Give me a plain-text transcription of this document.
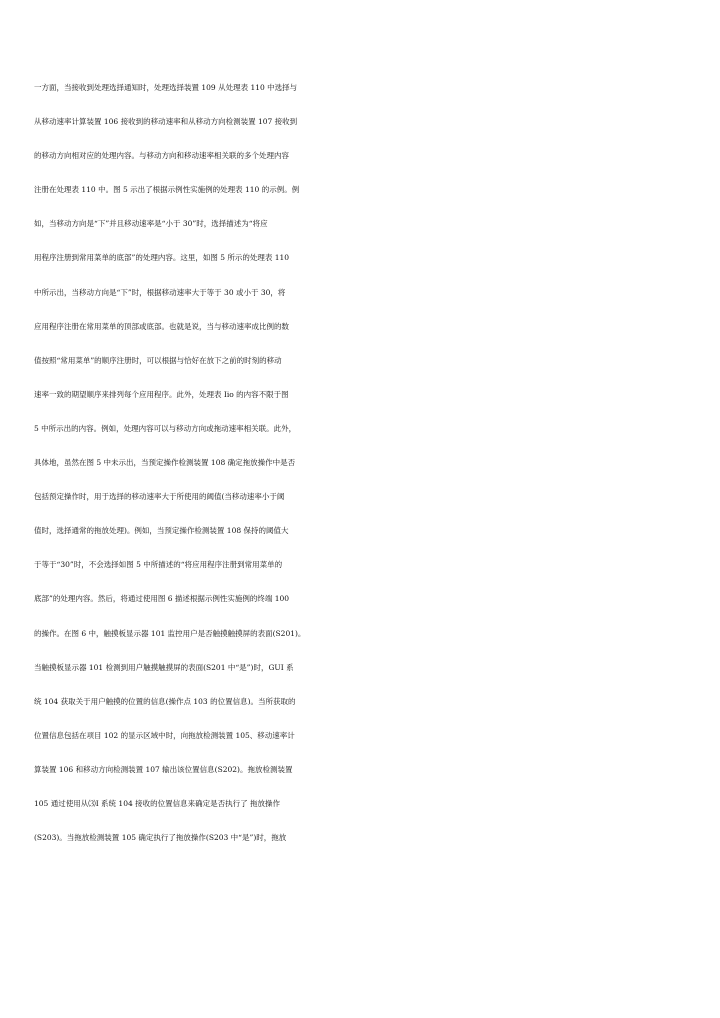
一方面，当接收到处理选择通知时，处理选择装置 109 从处理表 110 中选择与
从移动速率计算装置 106 接收到的移动速率和从移动方向检测装置 107 接收到
的移动方向相对应的处理内容。与移动方向和移动速率相关联的多个处理内容
注册在处理表 110 中。图 5 示出了根据示例性实施例的处理表 110 的示例。例
如，当移动方向是“下”并且移动速率是“小于 30”时，选择描述为“将应
用程序注册到常用菜单的底部”的处理内容。这里，如图 5 所示的处理表 110
中所示出，当移动方向是“下”时，根据移动速率大于等于 30 或小于 30，将
应用程序注册在常用菜单的顶部或底部。也就是说，当与移动速率成比例的数
值按照“常用菜单”的顺序注册时，可以根据与恰好在放下之前的时刻的移动
速率一致的期望顺序来排列每个应用程序。此外，处理表 Iio 的内容不限于图
5 中所示出的内容。例如，处理内容可以与移动方向或拖动速率相关联。此外，
具体地，虽然在图 5 中未示出，当预定操作检测装置 108 确定拖放操作中是否
包括预定操作时，用于选择的移动速率大于所使用的阈值(当移动速率小于阈
值时，选择通常的拖放处理)。例如，当预定操作检测装置 108 保持的阈值大
于等于“30”时，不会选择如图 5 中所描述的“将应用程序注册到常用菜单的
底部”的处理内容。然后，将通过使用图 6 描述根据示例性实施例的终端 100
的操作。在图 6 中，触摸板显示器 101 监控用户是否触摸触摸屏的表面(S201)。
当触摸板显示器 101 检测到用户触摸触摸屏的表面(S201 中“是”)时，GUI 系
统 104 获取关于用户触摸的位置的信息(操作点 103 的位置信息)。当所获取的
位置信息包括在项目 102 的显示区域中时，向拖放检测装置 105、移动速率计
算装置 106 和移动方向检测装置 107 输出该位置信息(S202)。拖放检测装置
105 通过使用从⑶I 系统 104 接收的位置信息来确定是否执行了 拖放操作
(S203)。当拖放检测装置 105 确定执行了拖放操作(S203 中“是”)时，拖放
